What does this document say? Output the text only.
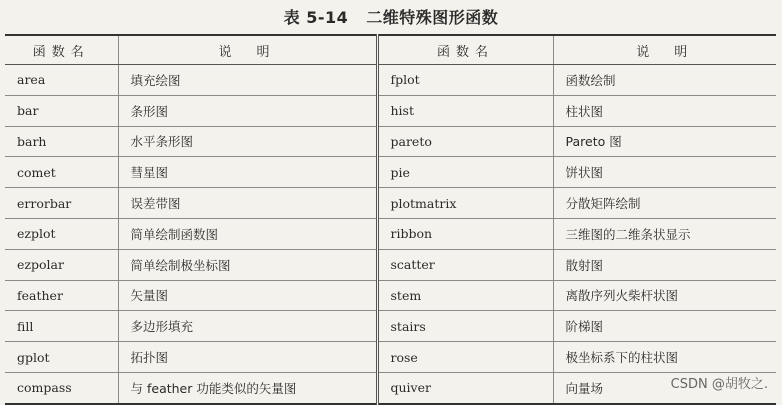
表 5-14 二维特殊图形函数
函数名	说　明	函数名	说　明
area	填充绘图	fplot	函数绘制
bar	条形图	hist	柱状图
barh	水平条形图	pareto	Pareto 图
comet	彗星图	pie	饼状图
errorbar	误差带图	plotmatrix	分散矩阵绘制
ezplot	简单绘制函数图	ribbon	三维图的二维条状显示
ezpolar	简单绘制极坐标图	scatter	散射图
feather	矢量图	stem	离散序列火柴杆状图
fill	多边形填充	stairs	阶梯图
gplot	拓扑图	rose	极坐标系下的柱状图
compass	与 feather 功能类似的矢量图	quiver	向量场	CSDN @胡牧之.
